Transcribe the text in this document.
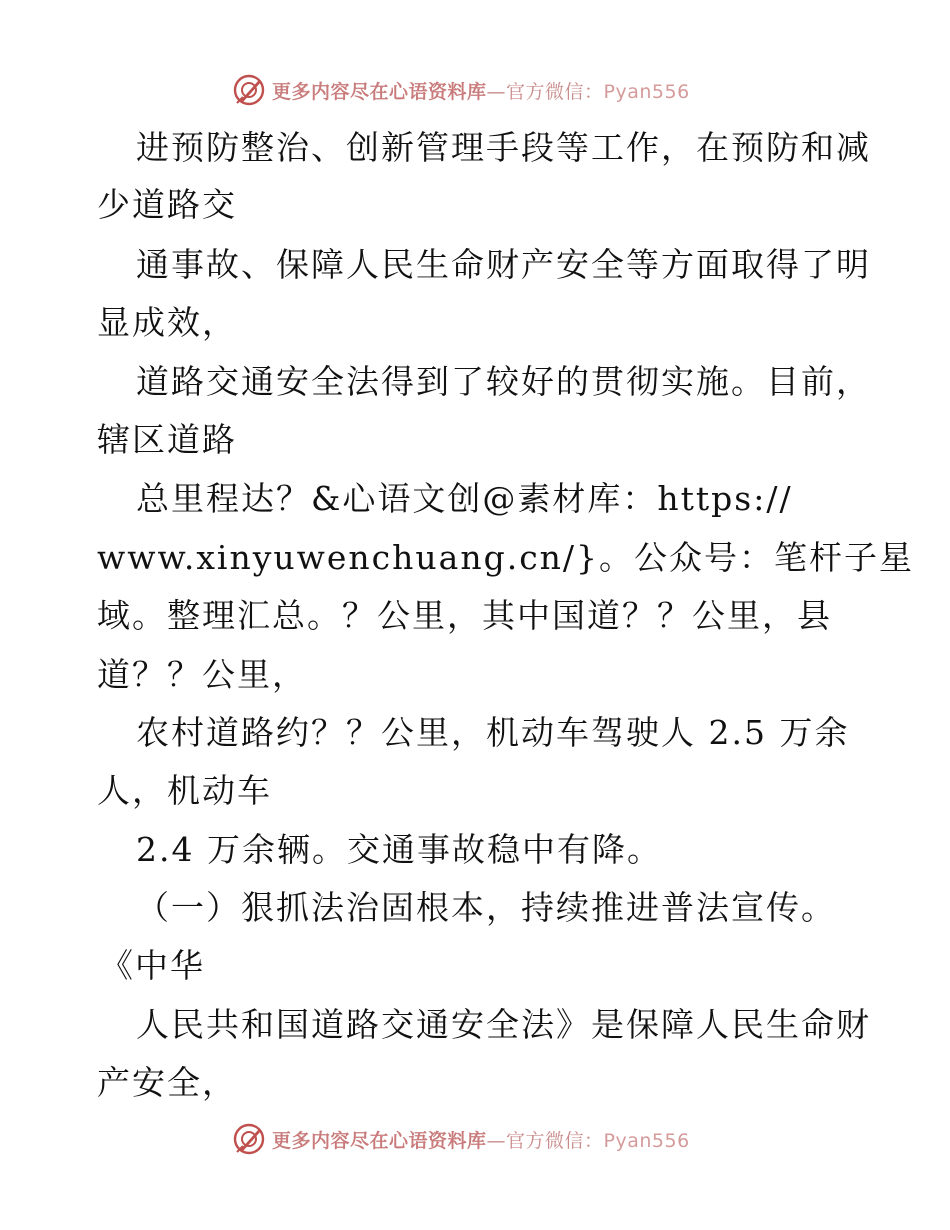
更多内容尽在心语资料库—官方微信：Pyan556
进预防整治、创新管理手段等工作，在预防和减
少道路交
通事故、保障人民生命财产安全等方面取得了明
显成效，
道路交通安全法得到了较好的贯彻实施。目前，
辖区道路
总里程达？&心语文创@素材库：https://
www.xinyuwenchuang.cn/}。公众号：笔杆子星
域。整理汇总。？公里，其中国道？？公里，县
道？？公里，
农村道路约？？公里，机动车驾驶人 2.5 万余
人，机动车
2.4 万余辆。交通事故稳中有降。
（一）狠抓法治固根本，持续推进普法宣传。
《中华
人民共和国道路交通安全法》是保障人民生命财
产安全，
更多内容尽在心语资料库—官方微信：Pyan556
